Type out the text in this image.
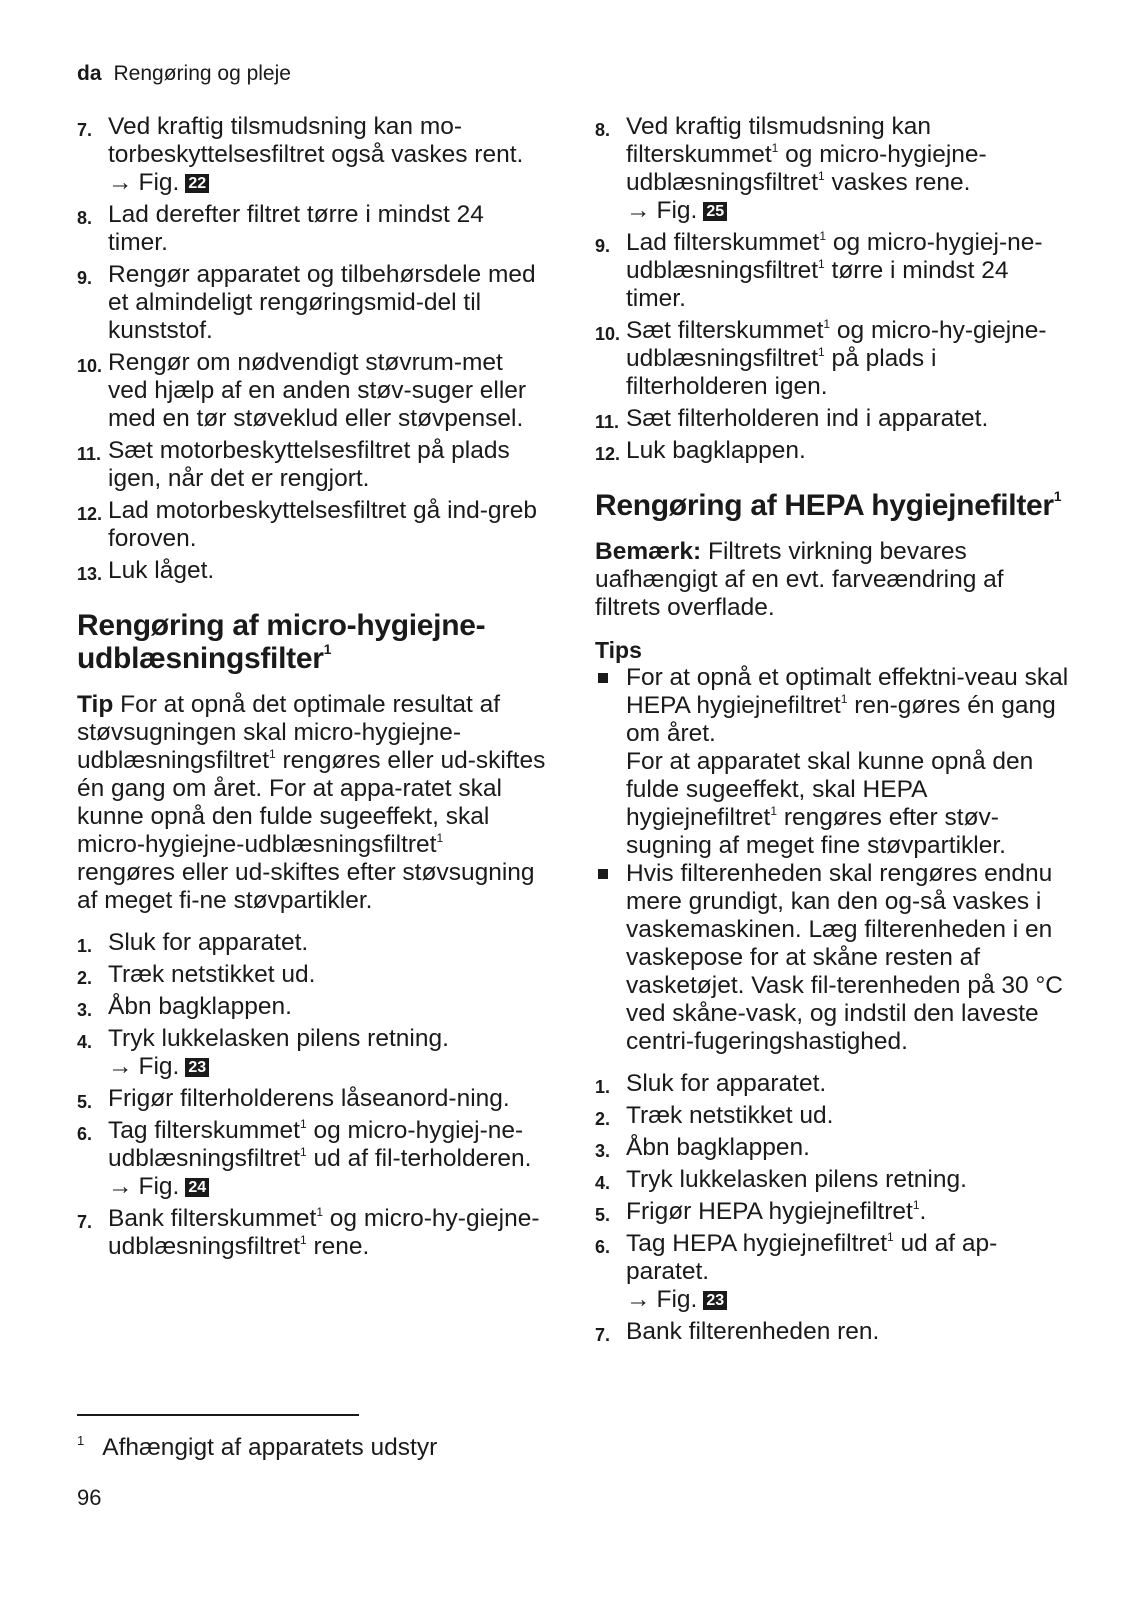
da Rengøring og pleje
7. Ved kraftig tilsmudsning kan mo-torbeskyttelsesfiltret også vaskes rent.
→ Fig. 22
8. Lad derefter filtret tørre i mindst 24 timer.
9. Rengør apparatet og tilbehørsdele med et almindeligt rengøringsmid-del til kunststof.
10. Rengør om nødvendigt støvrum-met ved hjælp af en anden støv-suger eller med en tør støveklud eller støvpensel.
11. Sæt motorbeskyttelsesfiltret på plads igen, når det er rengjort.
12. Lad motorbeskyttelsesfiltret gå ind-greb foroven.
13. Luk låget.
Rengøring af micro-hygiejne-udblæsningsfilter$^1$

Tip For at opnå det optimale resultat af støvsugningen skal micro-hygiejne-udblæsningsfiltret$^1$ rengøres eller ud-skiftes én gang om året. For at appa-ratet skal kunne opnå den fulde sugeeffekt, skal micro-hygiejne-udblæsningsfiltret$^1$ rengøres eller ud-skiftes efter støvsugning af meget fi-ne støvpartikler.

1. Sluk for apparatet.
2. Træk netstikket ud.
3. Åbn bagklappen.
4. Tryk lukkelasken pilens retning.
→ Fig. 23
5. Frigør filterholderens låseanord-ning.
6. Tag filterskummet$^1$ og micro-hygiej-ne-udblæsningsfiltret$^1$ ud af fil-terholderen.
→ Fig. 24
7. Bank filterskummet$^1$ og micro-hy-giejne-udblæsningsfiltret$^1$ rene.
8. Ved kraftig tilsmudsning kan filterskummet$^1$ og micro-hygiejne-udblæsningsfiltret$^1$ vaskes rene.
→ Fig. 25
9. Lad filterskummet$^1$ og micro-hygiej-ne-udblæsningsfiltret$^1$ tørre i mindst 24 timer.
10. Sæt filterskummet$^1$ og micro-hy-giejne-udblæsningsfiltret$^1$ på plads i filterholderen igen.
11. Sæt filterholderen ind i apparatet.
12. Luk bagklappen.
Rengøring af HEPA hygiejnefilter$^1$

Bemærk: Filtrets virkning bevares uafhængigt af en evt. farveændring af filtrets overflade.

Tips
For at opnå et optimalt effektni-veau skal HEPA hygiejnefiltret$^1$ ren-gøres én gang om året.
For at apparatet skal kunne opnå den fulde sugeeffekt, skal HEPA hygiejnefiltret$^1$ rengøres efter støv-sugning af meget fine støvpartikler.
Hvis filterenheden skal rengøres endnu mere grundigt, kan den og-så vaskes i vaskemaskinen. Læg filterenheden i en vaskepose for at skåne resten af vasketøjet. Vask fil-terenheden på 30 °C ved skåne-vask, og indstil den laveste centri-fugeringshastighed.
1. Sluk for apparatet.
2. Træk netstikket ud.
3. Åbn bagklappen.
4. Tryk lukkelasken pilens retning.
5. Frigør HEPA hygiejnefiltret$^1$.
6. Tag HEPA hygiejnefiltret$^1$ ud af ap-paratet.
→ Fig. 23
7. Bank filterenheden ren.
$^1$ Afhængigt af apparatets udstyr
96
